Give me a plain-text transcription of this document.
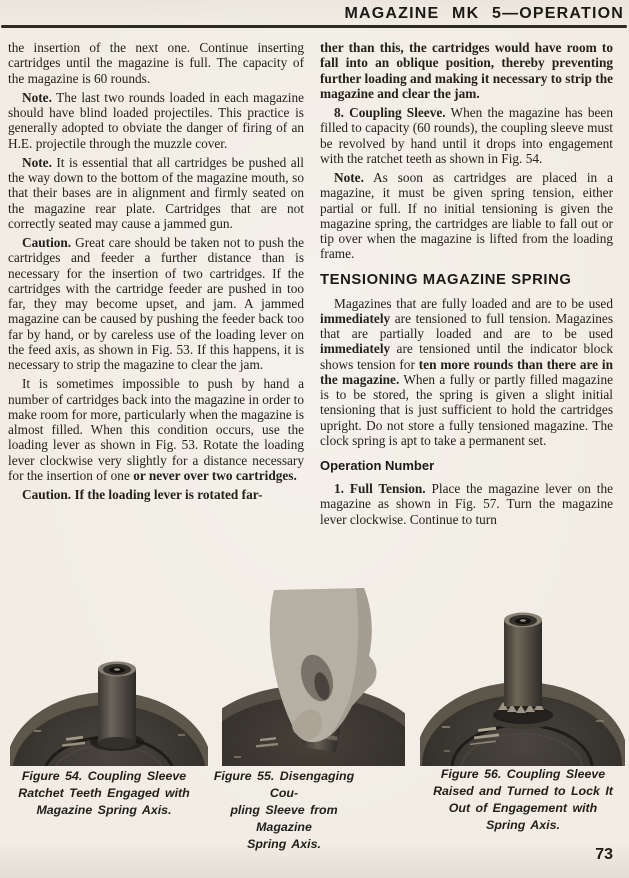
MAGAZINE MK 5—OPERATION

the insertion of the next one. Continue inserting cartridges until the magazine is full. The capacity of the magazine is 60 rounds.

Note. The last two rounds loaded in each magazine should have blind loaded projectiles. This practice is generally adopted to obviate the danger of firing of an H.E. projectile through the muzzle cover.

Note. It is essential that all cartridges be pushed all the way down to the bottom of the magazine mouth, so that their bases are in alignment and firmly seated on the magazine rear plate. Cartridges that are not correctly seated may cause a jammed gun.

Caution. Great care should be taken not to push the cartridges and feeder a further distance than is necessary for the insertion of two cartridges. If the cartridges with the cartridge feeder are pushed in too far, they may become upset, and jam. A jammed magazine can be caused by pushing the feeder back too far by hand, or by careless use of the loading lever on the feed axis, as shown in Fig. 53. If this happens, it is necessary to strip the magazine to clear the jam.

It is sometimes impossible to push by hand a number of cartridges back into the magazine in order to make room for more, particularly when the magazine is almost filled. When this condition occurs, use the loading lever as shown in Fig. 53. Rotate the loading lever clockwise very slightly for a distance necessary for the insertion of one or never over two cartridges.

Caution. If the loading lever is rotated far-

ther than this, the cartridges would have room to fall into an oblique position, thereby preventing further loading and making it necessary to strip the magazine and clear the jam.

8. Coupling Sleeve. When the magazine has been filled to capacity (60 rounds), the coupling sleeve must be revolved by hand until it drops into engagement with the ratchet teeth as shown in Fig. 54.

Note. As soon as cartridges are placed in a magazine, it must be given spring tension, either partial or full. If no initial tensioning is given the magazine spring, the cartridges are liable to fall out or tip over when the magazine is lifted from the loading frame.

TENSIONING MAGAZINE SPRING

Magazines that are fully loaded and are to be used immediately are tensioned to full tension. Magazines that are partially loaded and are to be used immediately are tensioned until the indicator block shows tension for ten more rounds than there are in the magazine. When a fully or partly filled magazine is to be stored, the spring is given a slight initial tensioning that is just sufficient to hold the cartridges upright. Do not store a fully tensioned magazine. The clock spring is apt to take a permanent set.

Operation Number

1. Full Tension. Place the magazine lever on the magazine as shown in Fig. 57. Turn the magazine lever clockwise. Continue to turn

Figure 54. Coupling Sleeve
Ratchet Teeth Engaged with
Magazine Spring Axis.
Figure 55. Disengaging Cou-
pling Sleeve from Magazine
Spring Axis.
Figure 56. Coupling Sleeve
Raised and Turned to Lock It
Out of Engagement with
Spring Axis.
73
